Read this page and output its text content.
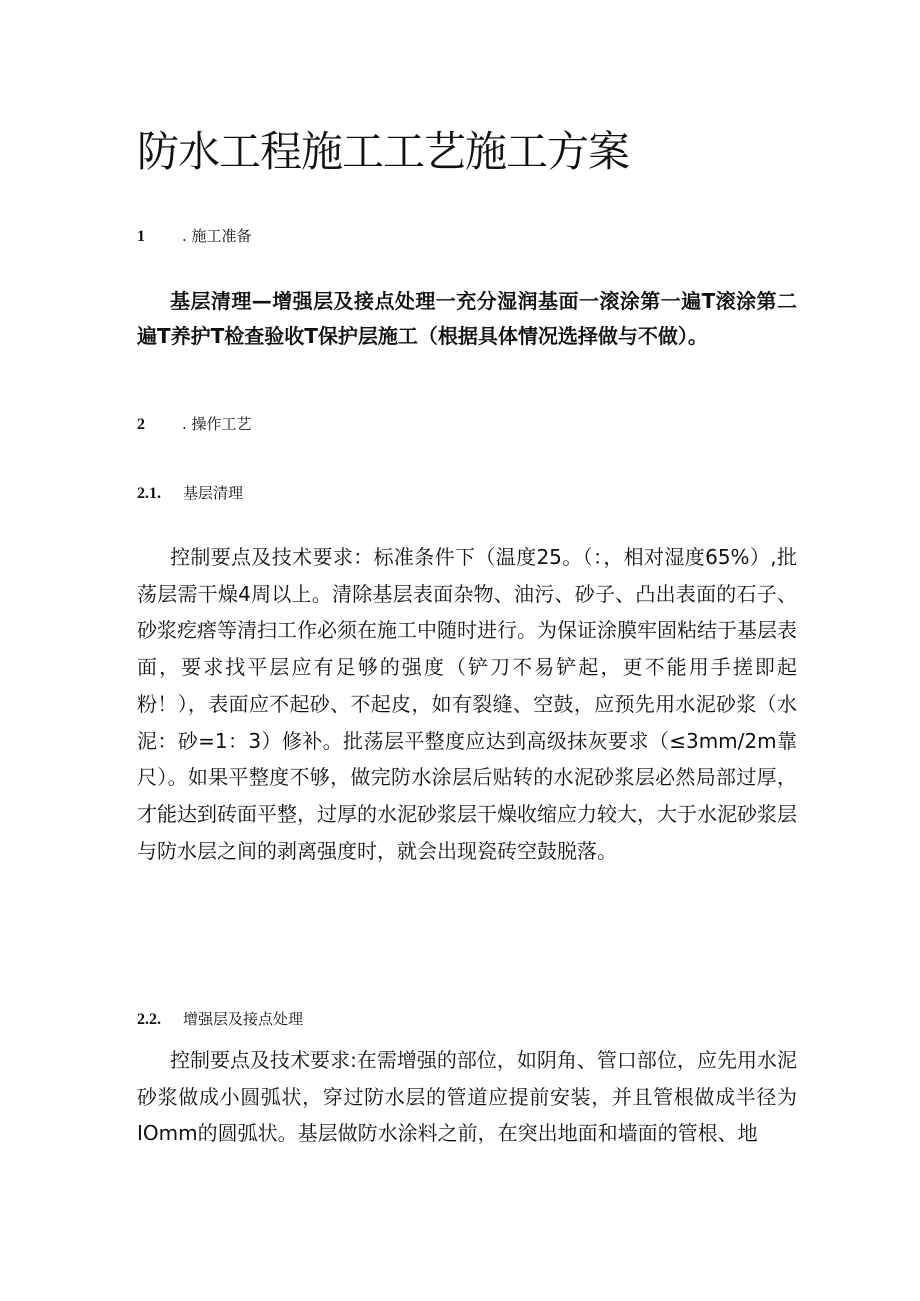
防水工程施工工艺施工方案
1 . 施工准备

基层清理—增强层及接点处理一充分湿润基面一滚涂第一遍T滚涂第二遍T养护T检查验收T保护层施工（根据具体情况选择做与不做）。

2 . 操作工艺
2.1. 基层清理

控制要点及技术要求：标准条件下（温度25。（：，相对湿度65%）,批荡层需干燥4周以上。清除基层表面杂物、油污、砂子、凸出表面的石子、砂浆疙瘩等清扫工作必须在施工中随时进行。为保证涂膜牢固粘结于基层表面，要求找平层应有足够的强度（铲刀不易铲起，更不能用手搓即起粉！），表面应不起砂、不起皮，如有裂缝、空鼓，应预先用水泥砂浆（水泥：砂=1：3）修补。批荡层平整度应达到高级抹灰要求（≤3mm/2m靠尺）。如果平整度不够，做完防水涂层后贴转的水泥砂浆层必然局部过厚，才能达到砖面平整，过厚的水泥砂浆层干燥收缩应力较大，大于水泥砂浆层与防水层之间的剥离强度时，就会出现瓷砖空鼓脱落。

2.2. 增强层及接点处理

控制要点及技术要求:在需增强的部位，如阴角、管口部位，应先用水泥砂浆做成小圆弧状，穿过防水层的管道应提前安装，并且管根做成半径为IOmm的圆弧状。基层做防水涂料之前，在突出地面和墙面的管根、地
